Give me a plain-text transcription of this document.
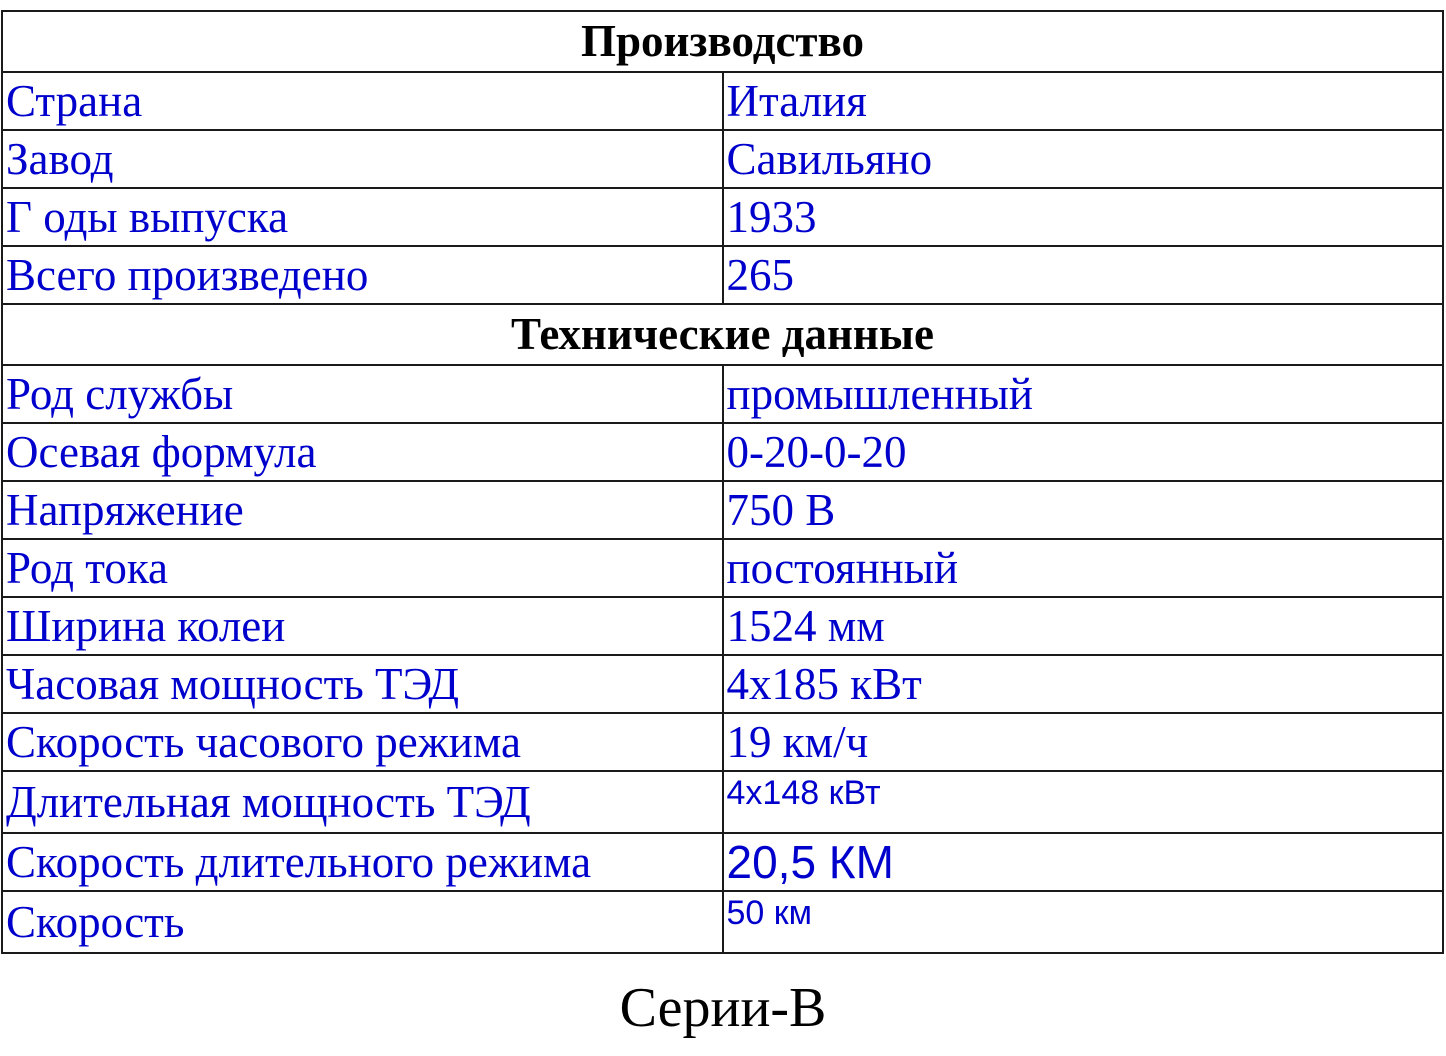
Производство	
Страна	Италия
Завод	Савильяно
Г оды выпуска	1933
Всего произведено	265
Технические данные	
Род службы	промышленный
Осевая формула	0-20-0-20
Напряжение	750 В
Род тока	постоянный
Ширина колеи	1524 мм
Часовая мощность ТЭД	4x185 кВт
Скорость часового режима	19 км/ч
Длительная мощность ТЭД	4x148 кВт
Скорость длительного режима	20,5 КМ
Скорость	50 км
Серии-В
